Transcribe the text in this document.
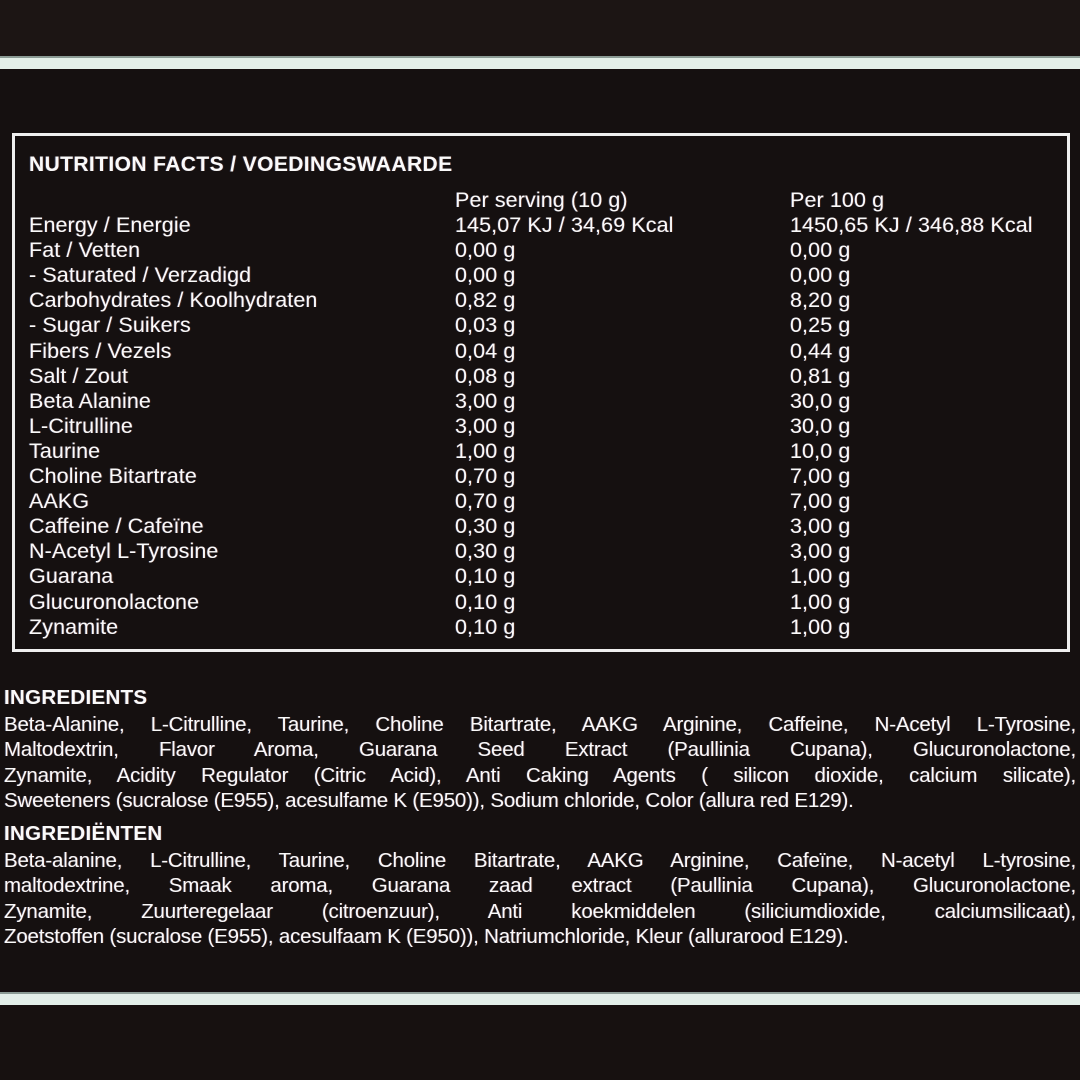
NUTRITION FACTS / VOEDINGSWAARDE
Per serving (10 g)	Per 100 g
Energy / Energie	145,07 KJ / 34,69 Kcal	1450,65 KJ / 346,88 Kcal
Fat / Vetten	0,00 g	0,00 g
- Saturated / Verzadigd	0,00 g	0,00 g
Carbohydrates / Koolhydraten	0,82 g	8,20 g
- Sugar / Suikers	0,03 g	0,25 g
Fibers / Vezels	0,04 g	0,44 g
Salt / Zout	0,08 g	0,81 g
Beta Alanine	3,00 g	30,0 g
L-Citrulline	3,00 g	30,0 g
Taurine	1,00 g	10,0 g
Choline Bitartrate	0,70 g	7,00 g
AAKG	0,70 g	7,00 g
Caffeine / Cafeïne	0,30 g	3,00 g
N-Acetyl L-Tyrosine	0,30 g	3,00 g
Guarana	0,10 g	1,00 g
Glucuronolactone	0,10 g	1,00 g
Zynamite	0,10 g	1,00 g
INGREDIENTS
Beta-Alanine, L-Citrulline, Taurine, Choline Bitartrate, AAKG Arginine, Caffeine, N-Acetyl L-Tyrosine,
Maltodextrin, Flavor Aroma, Guarana Seed Extract (Paullinia Cupana), Glucuronolactone,
Zynamite, Acidity Regulator (Citric Acid), Anti Caking Agents ( silicon dioxide, calcium silicate),
Sweeteners (sucralose (E955), acesulfame K (E950)), Sodium chloride, Color (allura red E129).
INGREDIËNTEN
Beta-alanine, L-Citrulline, Taurine, Choline Bitartrate, AAKG Arginine, Cafeïne, N-acetyl L-tyrosine,
maltodextrine, Smaak aroma, Guarana zaad extract (Paullinia Cupana), Glucuronolactone,
Zynamite, Zuurteregelaar (citroenzuur), Anti koekmiddelen (siliciumdioxide, calciumsilicaat),
Zoetstoffen (sucralose (E955), acesulfaam K (E950)), Natriumchloride, Kleur (allurarood E129).
